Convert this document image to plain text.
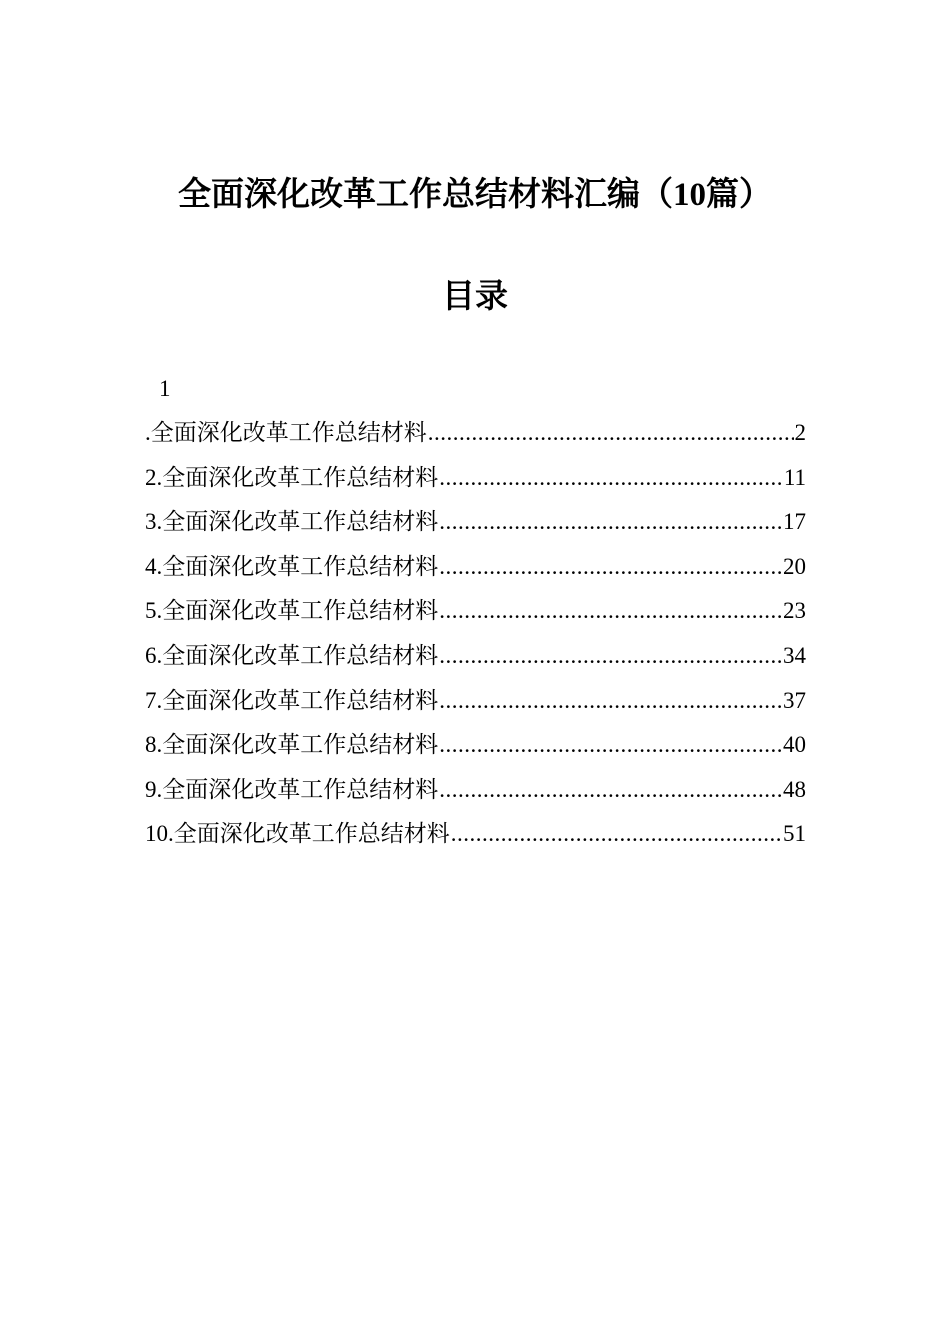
全面深化改革工作总结材料汇编（10篇）
目录
1
.全面深化改革工作总结材料 .....	2
2.全面深化改革工作总结材料 .....	11
3.全面深化改革工作总结材料 .....	17
4.全面深化改革工作总结材料 .....	20
5.全面深化改革工作总结材料 .....	23
6.全面深化改革工作总结材料 .....	34
7.全面深化改革工作总结材料 .....	37
8.全面深化改革工作总结材料 .....	40
9.全面深化改革工作总结材料 .....	48
10.全面深化改革工作总结材料 .....	51
